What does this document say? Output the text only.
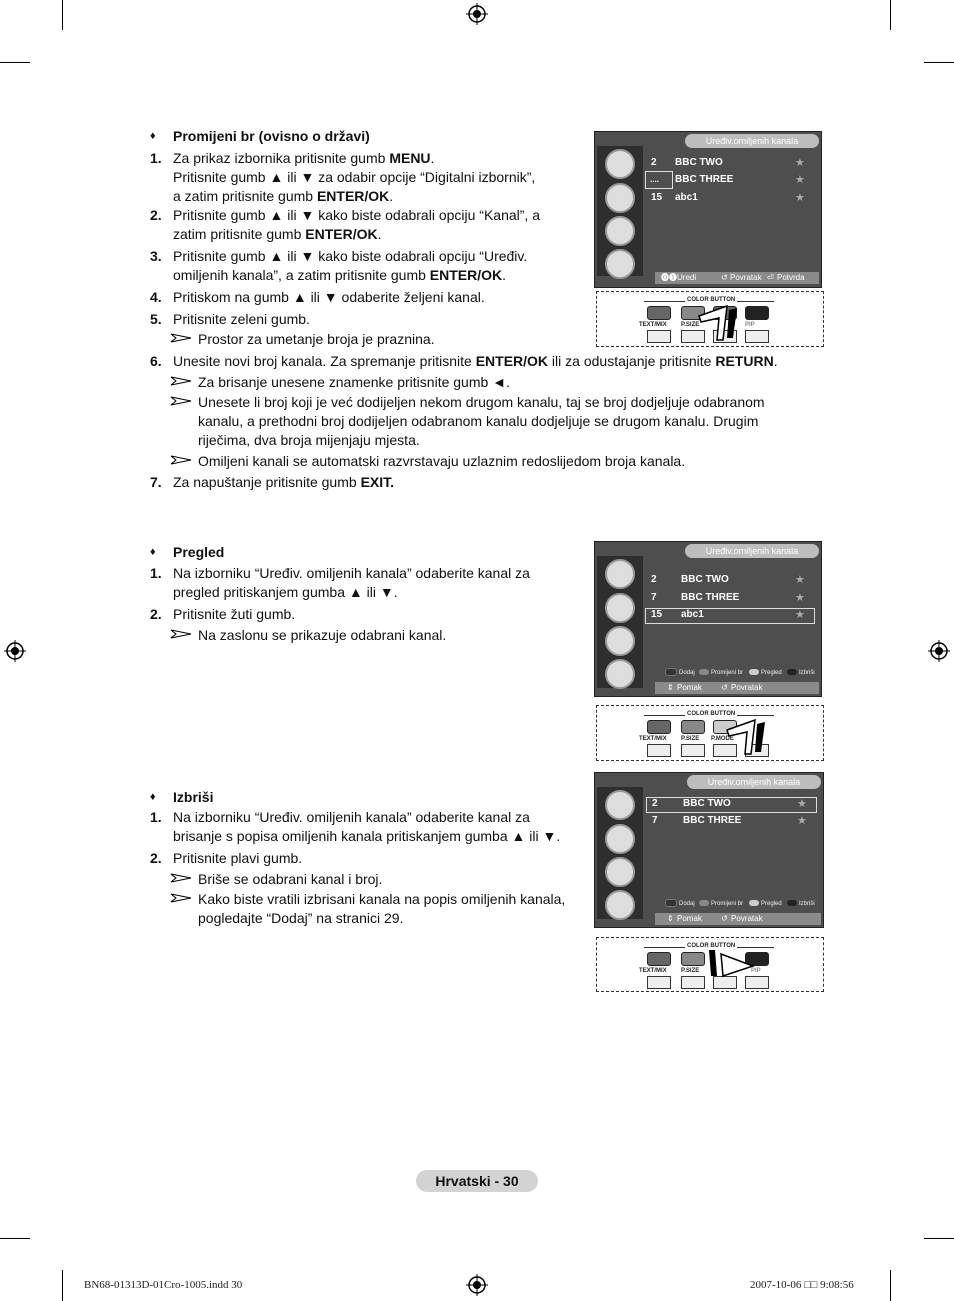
♦ Promijeni br (ovisno o državi)
1. Za prikaz izbornika pritisnite gumb MENU.
Pritisnite gumb ▲ ili ▼ za odabir opcije “Digitalni izbornik”,
a zatim pritisnite gumb ENTER/OK.
2. Pritisnite gumb ▲ ili ▼ kako biste odabrali opciju “Kanal”, a
zatim pritisnite gumb ENTER/OK.
3. Pritisnite gumb ▲ ili ▼ kako biste odabrali opciju “Uređiv.
omiljenih kanala”, a zatim pritisnite gumb ENTER/OK.
4. Pritiskom na gumb ▲ ili ▼ odaberite željeni kanal.
5. Pritisnite zeleni gumb.
Prostor za umetanje broja je praznina.
6. Unesite novi broj kanala. Za spremanje pritisnite ENTER/OK ili za odustajanje pritisnite RETURN.
Za brisanje unesene znamenke pritisnite gumb ◄.
Unesete li broj koji je već dodijeljen nekom drugom kanalu, taj se broj dodjeljuje odabranom
kanalu, a prethodni broj dodijeljen odabranom kanalu dodjeljuje se drugom kanalu. Drugim
riječima, dva broja mijenjaju mjesta.
Omiljeni kanali se automatski razvrstavaju uzlaznim redoslijedom broja kanala.
7. Za napuštanje pritisnite gumb EXIT.
Uređiv.omiljenih kanala
2 BBC TWO	★
.... BBC THREE	★
15 abc1	★
⓿❶ Uredi	↺ Povratak ⏎ Potvrda
COLOR BUTTON
TEXT/MIX P.SIZE	PIP
♦ Pregled
1. Na izborniku “Uređiv. omiljenih kanala” odaberite kanal za
pregled pritiskanjem gumba ▲ ili ▼.
2. Pritisnite žuti gumb.
Na zaslonu se prikazuje odabrani kanal.
Uređiv.omiljenih kanala
2 BBC TWO	★
7 BBC THREE	★
15 abc1	★
Dodaj	Promijeni br	Pregled	Izbriši
⇕ Pomak ↺ Povratak
COLOR BUTTON
TEXT/MIX P.SIZE P.MODE
♦ Izbriši
1. Na izborniku “Uređiv. omiljenih kanala” odaberite kanal za
brisanje s popisa omiljenih kanala pritiskanjem gumba ▲ ili ▼.
2. Pritisnite plavi gumb.
Briše se odabrani kanal i broj.
Kako biste vratili izbrisani kanala na popis omiljenih kanala,
pogledajte “Dodaj” na stranici 29.
Uređiv.omiljenih kanala
2	BBC TWO	★
7	BBC THREE	★
Dodaj	Promijeni br	Pregled	Izbriši
⇕ Pomak ↺ Povratak
COLOR BUTTON
TEXT/MIX P.SIZE	PIP
Hrvatski - 30
BN68-01313D-01Cro-1005.indd 30	2007-10-06 □□ 9:08:56
